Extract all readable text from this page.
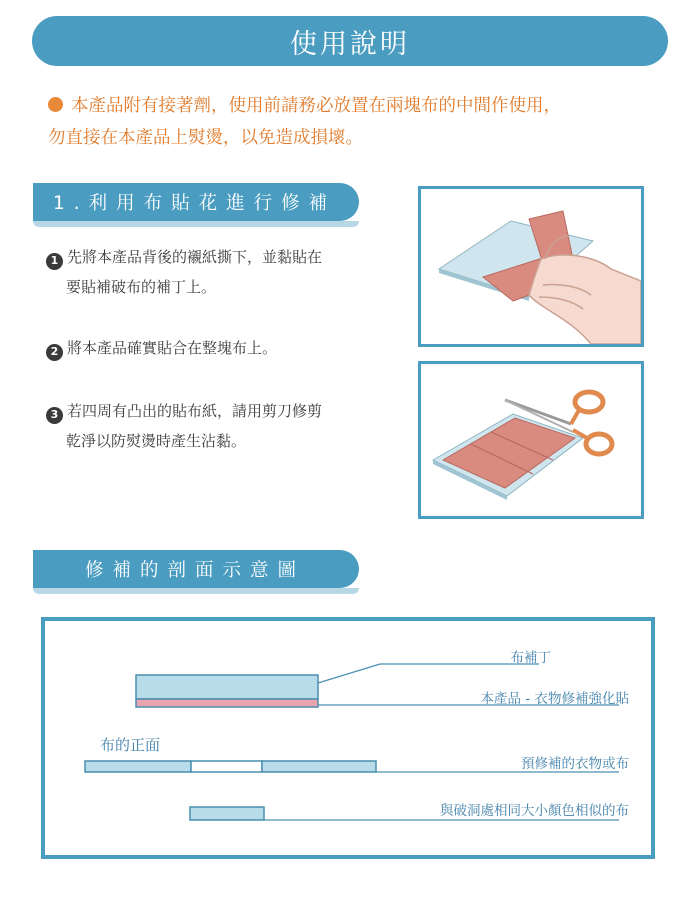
使用說明
本產品附有接著劑，使用前請務必放置在兩塊布的中間作使用，
勿直接在本產品上熨燙，以免造成損壞。
1.利用布貼花進行修補
1 先將本產品背後的襯紙撕下，並黏貼在
要貼補破布的補丁上。
2 將本產品確實貼合在整塊布上。
3 若四周有凸出的貼布紙，請用剪刀修剪
乾淨以防熨燙時產生沾黏。
修補的剖面示意圖
布補丁
本產品 - 衣物修補強化貼
布的正面
預修補的衣物或布
與破洞處相同大小顏色相似的布
